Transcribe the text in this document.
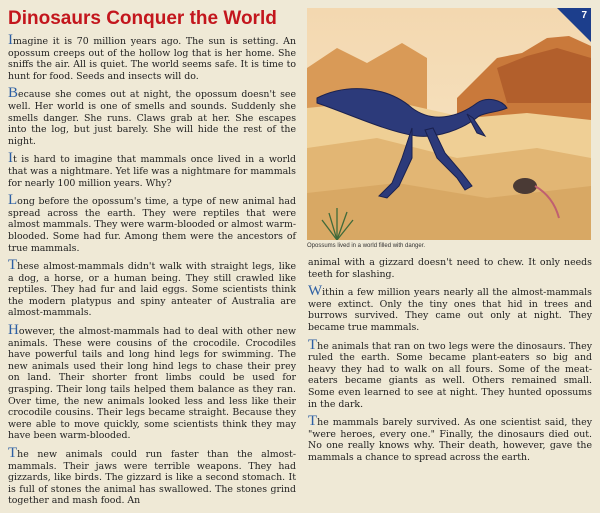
Dinosaurs Conquer the World

Imagine it is 70 million years ago. The sun is setting. An opossum creeps out of the hollow log that is her home. She sniffs the air. All is quiet. The world seems safe. It is time to hunt for food. Seeds and insects will do.

Because she comes out at night, the opossum doesn't see well. Her world is one of smells and sounds. Suddenly she smells danger. She runs. Claws grab at her. She escapes into the log, but just barely. She will hide the rest of the night.

It is hard to imagine that mammals once lived in a world that was a nightmare. Yet life was a nightmare for mammals for nearly 100 million years. Why?

Long before the opossum's time, a type of new animal had spread across the earth. They were reptiles that were almost mammals. They were warm-blooded or almost warm-blooded. Some had fur. Among them were the ancestors of true mammals.

These almost-mammals didn't walk with straight legs, like a dog, a horse, or a human being. They still crawled like reptiles. They had fur and laid eggs. Some scientists think the modern platypus and spiny anteater of Australia are almost-mammals.

However, the almost-mammals had to deal with other new animals. These were cousins of the crocodile. Crocodiles have powerful tails and long hind legs for swimming. The new animals used their long hind legs to chase their prey on land. Their shorter front limbs could be used for grasping. Their long tails helped them balance as they ran. Over time, the new animals looked less and less like their crocodile cousins. Their legs became straight. Because they were able to move quickly, some scientists think they may have been warm-blooded.

The new animals could run faster than the almost-mammals. Their jaws were terrible weapons. They had gizzards, like birds. The gizzard is like a second stomach. It is full of stones the animal has swallowed. The stones grind together and mash food. An

7
Opossums lived in a world filled with danger.

animal with a gizzard doesn't need to chew. It only needs teeth for slashing.

Within a few million years nearly all the almost-mammals were extinct. Only the tiny ones that hid in trees and burrows survived. They came out only at night. They became true mammals.

The animals that ran on two legs were the dinosaurs. They ruled the earth. Some became plant-eaters so big and heavy they had to walk on all fours. Some of the meat-eaters became giants as well. Others remained small. Some even learned to see at night. They hunted opossums in the dark.

The mammals barely survived. As one scientist said, they "were heroes, every one." Finally, the dinosaurs died out. No one really knows why. Their death, however, gave the mammals a chance to spread across the earth.
